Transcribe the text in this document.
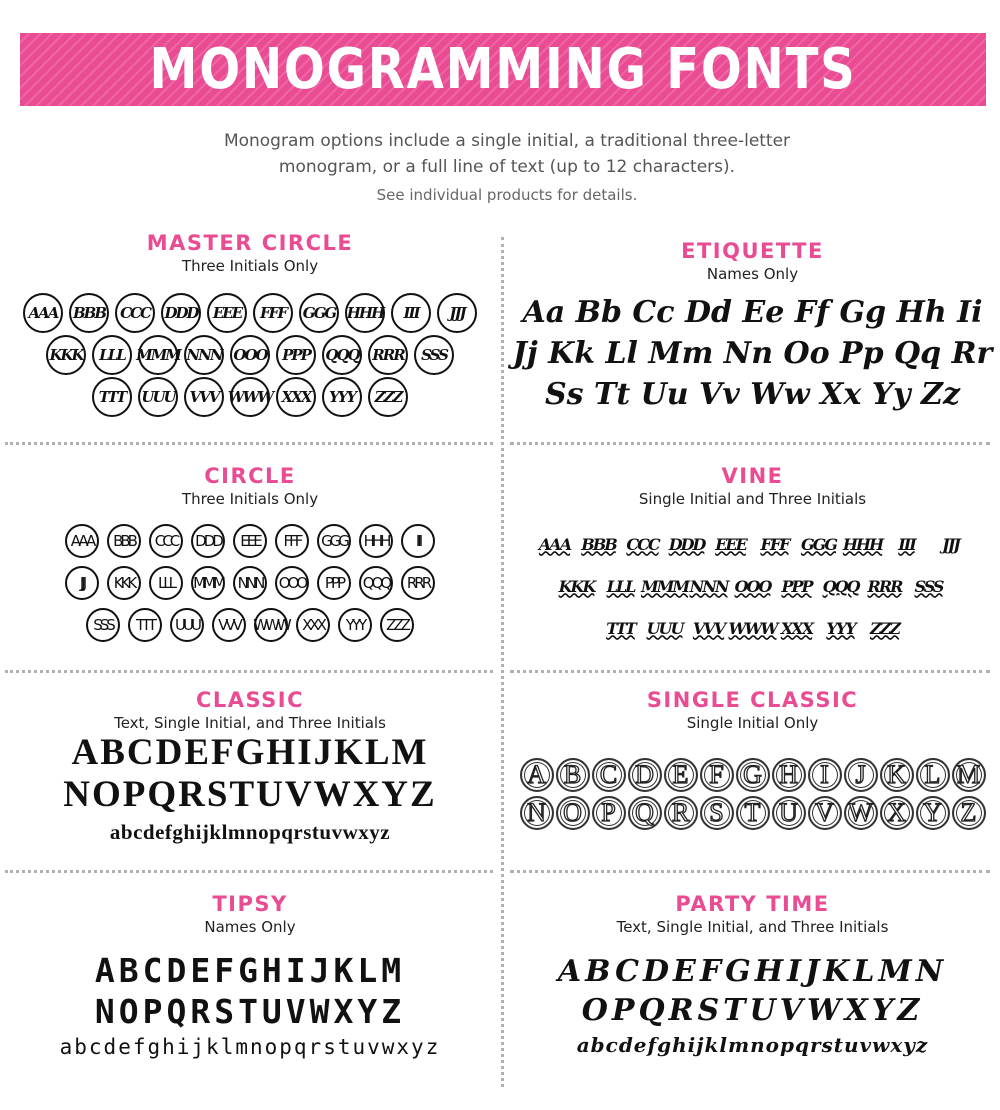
MONOGRAMMING FONTS
Monogram options include a single initial, a traditional three-letter
monogram, or a full line of text (up to 12 characters).
See individual products for details.
MASTER CIRCLE
Three Initials Only
AAA	BBB	CCC DDD	EEE	FFF	GGG HHH	III	JJJ
KKK	LLL MMM NNN OOO	PPP	QQQ RRR	SSS
TTT	UUU VVV WWW XXX	YYY	ZZZ
ETIQUETTE
Names Only
Aa Bb Cc Dd Ee Ff Gg Hh Ii
Jj Kk Ll Mm Nn Oo Pp Qq Rr
Ss Tt Uu Vv Ww Xx Yy Zz
CIRCLE
Three Initials Only
AAA	BBB	CCC	DDD	EEE	FFF	GGG	HHH	III
JJJ	KKK	LLL	MMM NNN	OOO	PPP	QQQ	RRR
SSS	TTT	UUU	VVV WWW XXX	YYY	ZZZ
VINE
Single Initial and Three Initials
AAA BBB CCC DDD EEE FFF GGG HHH	III	JJJ
KKK LLL MMM NNN OOO PPP QQQ RRR SSS
TTT UUU VVV WWW XXX YYY ZZZ
CLASSIC
Text, Single Initial, and Three Initials
ABCDEFGHIJKLM
NOPQRSTUVWXYZ
abcdefghijklmnopqrstuvwxyz
SINGLE CLASSIC
Single Initial Only
A B C D E F G H I	J K L M
N O P Q R S T U V W X Y Z
TIPSY
Names Only
ABCDEFGHIJKLM
NOPQRSTUVWXYZ
abcdefghijklmnopqrstuvwxyz
PARTY TIME
Text, Single Initial, and Three Initials
ABCDEFGHIJKLMN
OPQRSTUVWXYZ
abcdefghijklmnopqrstuvwxyz
